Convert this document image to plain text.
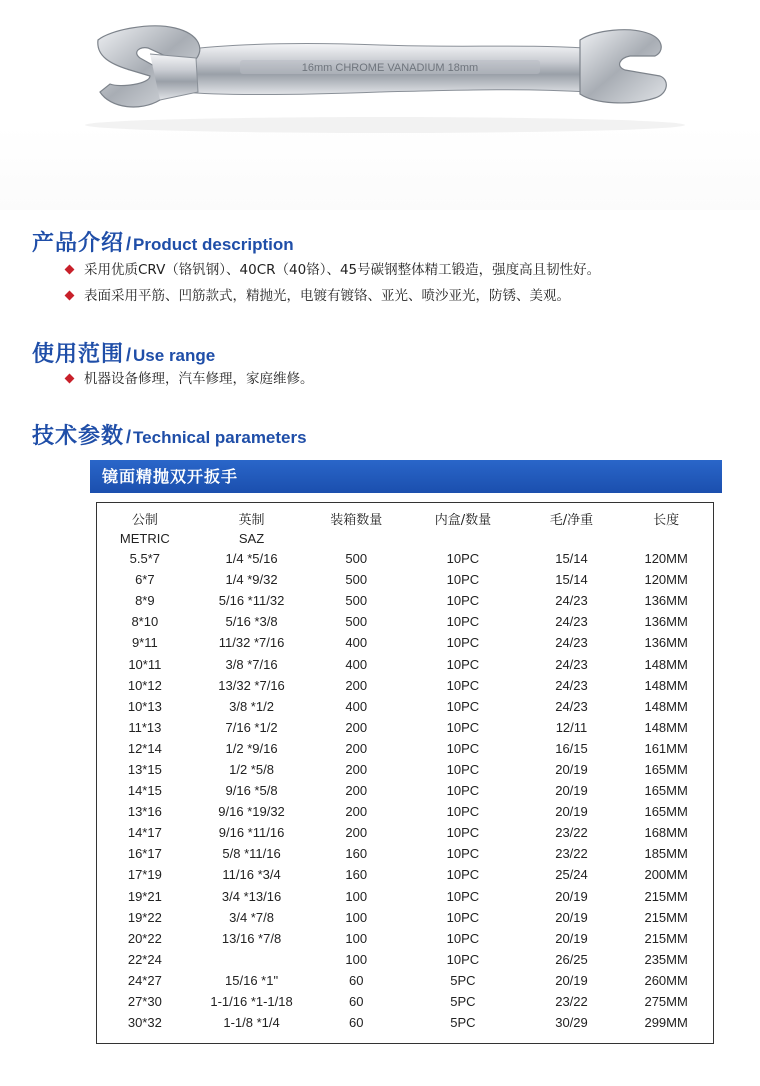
16mm CHROME VANADIUM 18mm
产品介绍 / Product description
采用优质CRV（铬钒钢）、40CR（40铬）、45号碳钢整体精工锻造，强度高且韧性好。
表面采用平筋、凹筋款式，精抛光，电镀有镀铬、亚光、喷沙亚光，防锈、美观。
使用范围 / Use range
机器设备修理，汽车修理，家庭维修。
技术参数 / Technical parameters
镜面精抛双开扳手
公制	英制	装箱数量	内盒/数量	毛/净重	长度
METRIC	SAZ				
5.5*7	1/4 *5/16	500	10PC	15/14	120MM
6*7	1/4 *9/32	500	10PC	15/14	120MM
8*9	5/16 *11/32	500	10PC	24/23	136MM
8*10	5/16 *3/8	500	10PC	24/23	136MM
9*11	11/32 *7/16	400	10PC	24/23	136MM
10*11	3/8 *7/16	400	10PC	24/23	148MM
10*12	13/32 *7/16	200	10PC	24/23	148MM
10*13	3/8 *1/2	400	10PC	24/23	148MM
11*13	7/16 *1/2	200	10PC	12/11	148MM
12*14	1/2 *9/16	200	10PC	16/15	161MM
13*15	1/2 *5/8	200	10PC	20/19	165MM
14*15	9/16 *5/8	200	10PC	20/19	165MM
13*16	9/16 *19/32	200	10PC	20/19	165MM
14*17	9/16 *11/16	200	10PC	23/22	168MM
16*17	5/8 *11/16	160	10PC	23/22	185MM
17*19	11/16 *3/4	160	10PC	25/24	200MM
19*21	3/4 *13/16	100	10PC	20/19	215MM
19*22	3/4 *7/8	100	10PC	20/19	215MM
20*22	13/16 *7/8	100	10PC	20/19	215MM
22*24		100	10PC	26/25	235MM
24*27	15/16 *1"	60	5PC	20/19	260MM
27*30	1-1/16 *1-1/18	60	5PC	23/22	275MM
30*32	1-1/8 *1/4	60	5PC	30/29	299MM
